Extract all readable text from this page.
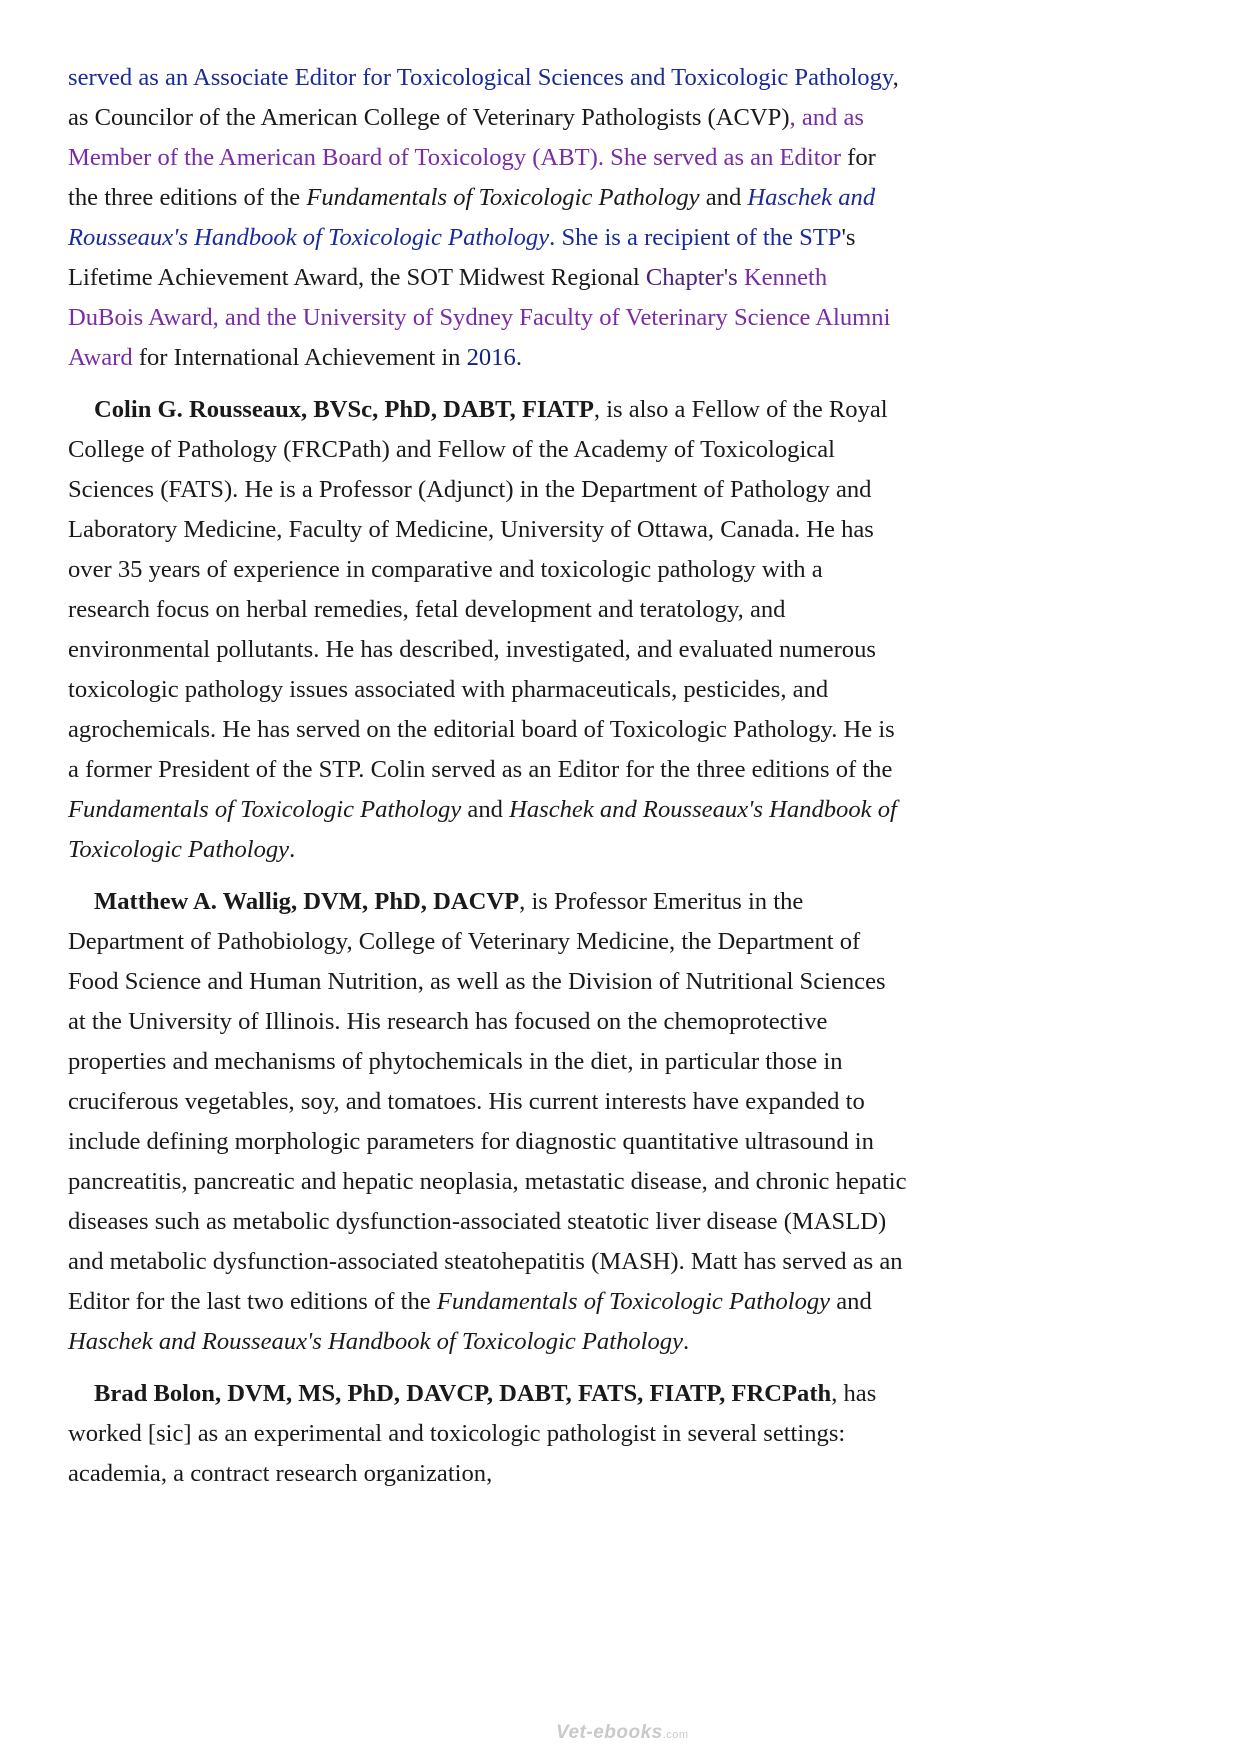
served as an Associate Editor for Toxicological Sciences and Toxicologic Pathology, as Councilor of the American College of Veterinary Pathologists (ACVP), and as Member of the American Board of Toxicology (ABT). She served as an Editor for the three editions of the Fundamentals of Toxicologic Pathology and Haschek and Rousseaux's Handbook of Toxicologic Pathology. She is a recipient of the STP's Lifetime Achievement Award, the SOT Midwest Regional Chapter's Kenneth DuBois Award, and the University of Sydney Faculty of Veterinary Science Alumni Award for International Achievement in 2016.

Colin G. Rousseaux, BVSc, PhD, DABT, FIATP, is also a Fellow of the Royal College of Pathology (FRCPath) and Fellow of the Academy of Toxicological Sciences (FATS). He is a Professor (Adjunct) in the Department of Pathology and Laboratory Medicine, Faculty of Medicine, University of Ottawa, Canada. He has over 35 years of experience in comparative and toxicologic pathology with a research focus on herbal remedies, fetal development and teratology, and environmental pollutants. He has described, investigated, and evaluated numerous toxicologic pathology issues associated with pharmaceuticals, pesticides, and agrochemicals. He has served on the editorial board of Toxicologic Pathology. He is a former President of the STP. Colin served as an Editor for the three editions of the Fundamentals of Toxicologic Pathology and Haschek and Rousseaux's Handbook of Toxicologic Pathology.

Matthew A. Wallig, DVM, PhD, DACVP, is Professor Emeritus in the Department of Pathobiology, College of Veterinary Medicine, the Department of Food Science and Human Nutrition, as well as the Division of Nutritional Sciences at the University of Illinois. His research has focused on the chemoprotective properties and mechanisms of phytochemicals in the diet, in particular those in cruciferous vegetables, soy, and tomatoes. His current interests have expanded to include defining morphologic parameters for diagnostic quantitative ultrasound in pancreatitis, pancreatic and hepatic neoplasia, metastatic disease, and chronic hepatic diseases such as metabolic dysfunction-associated steatotic liver disease (MASLD) and metabolic dysfunction-associated steatohepatitis (MASH). Matt has served as an Editor for the last two editions of the Fundamentals of Toxicologic Pathology and Haschek and Rousseaux's Handbook of Toxicologic Pathology.

Brad Bolon, DVM, MS, PhD, DAVCP, DABT, FATS, FIATP, FRCPath, has worked [sic] as an experimental and toxicologic pathologist in several settings: academia, a contract research organization,

Vet-ebooks.com
